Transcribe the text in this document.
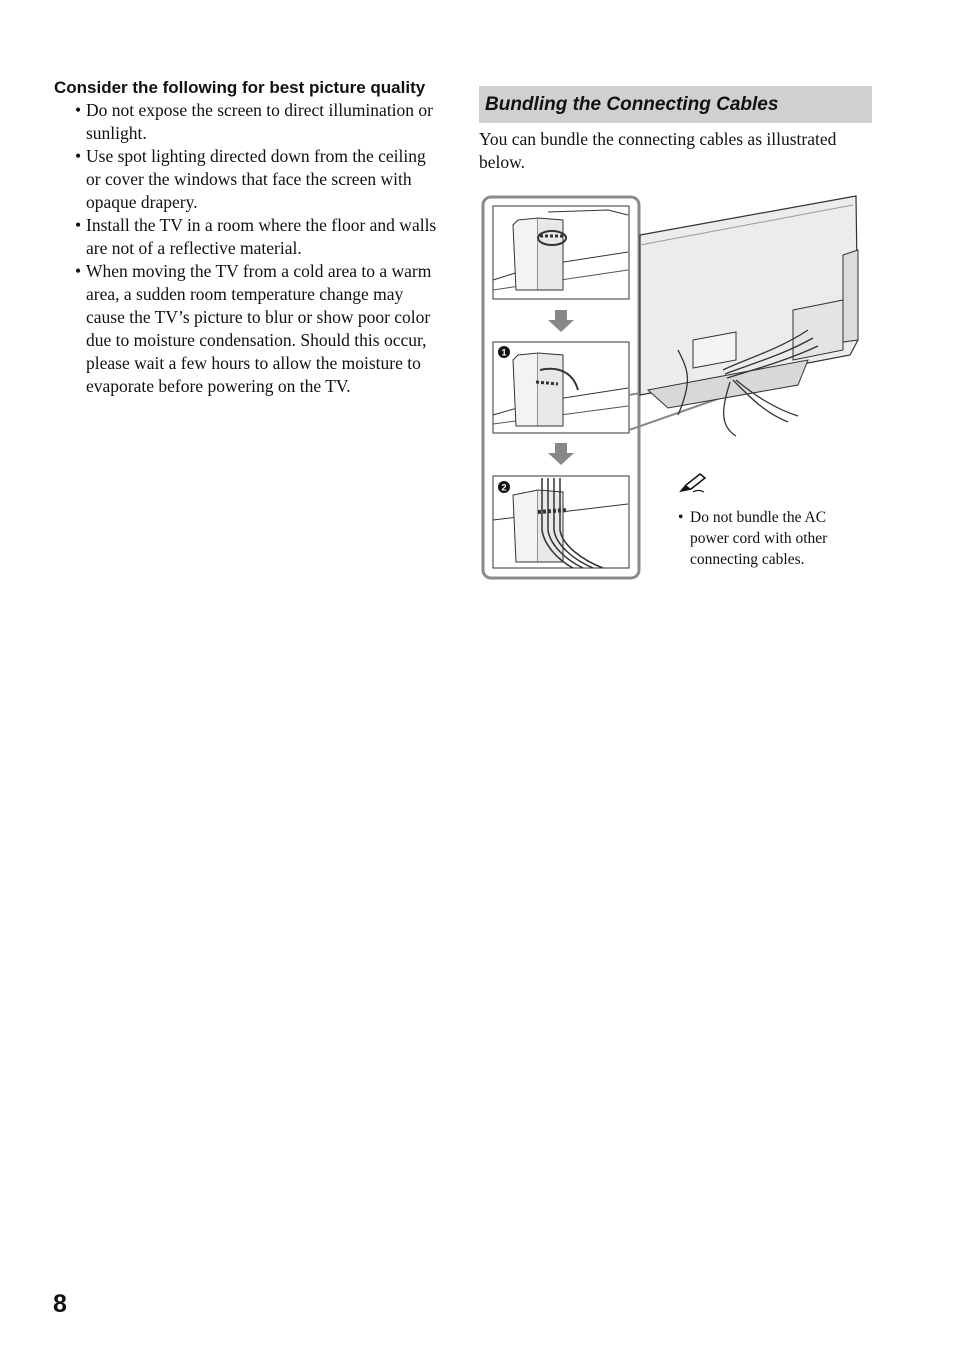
Consider the following for best picture quality

• Do not expose the screen to direct illumination or sunlight.
• Use spot lighting directed down from the ceiling or cover the windows that face the screen with opaque drapery.
• Install the TV in a room where the floor and walls are not of a reflective material.
• When moving the TV from a cold area to a warm area, a sudden room temperature change may cause the TV’s picture to blur or show poor color due to moisture condensation. Should this occur, please wait a few hours to allow the moisture to evaporate before powering on the TV.
Bundling the Connecting Cables

You can bundle the connecting cables as illustrated below.

1
2

• Do not bundle the AC power cord with other connecting cables.

8
